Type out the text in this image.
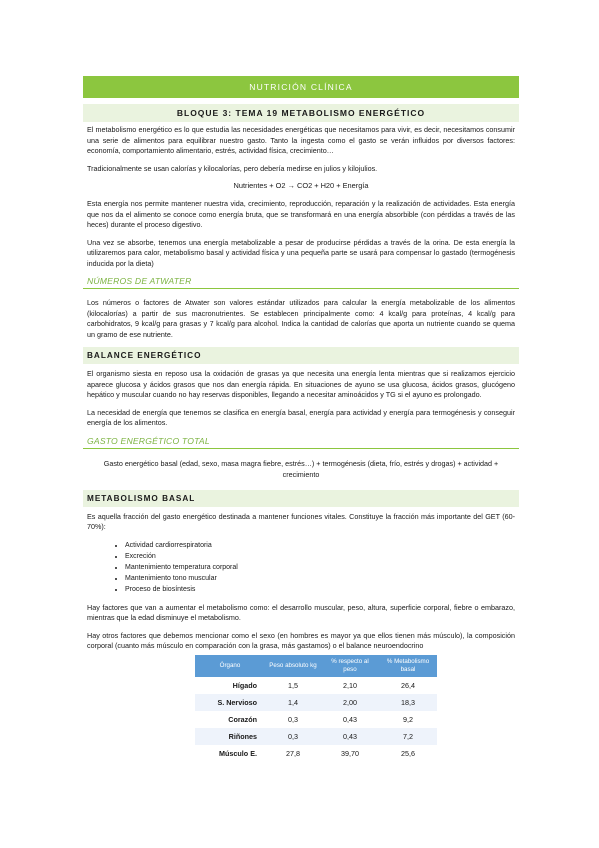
NUTRICIÓN CLÍNICA
BLOQUE 3: TEMA 19 METABOLISMO ENERGÉTICO

El metabolismo energético es lo que estudia las necesidades energéticas que necesitamos para vivir, es decir, necesitamos consumir una serie de alimentos para equilibrar nuestro gasto. Tanto la ingesta como el gasto se verán influidos por diversos factores: economía, comportamiento alimentario, estrés, actividad física, crecimiento…

Tradicionalmente se usan calorías y kilocalorías, pero debería medirse en julios y kilojulios.

Nutrientes + O2 → CO2 + H20 + Energía

Esta energía nos permite mantener nuestra vida, crecimiento, reproducción, reparación y la realización de actividades. Esta energía que nos da el alimento se conoce como energía bruta, que se transformará en una energía absorbible (con pérdidas a través de las heces) durante el proceso digestivo.

Una vez se absorbe, tenemos una energía metabolizable a pesar de producirse pérdidas a través de la orina. De esta energía la utilizaremos para calor, metabolismo basal y actividad física y una pequeña parte se usará para compensar lo gastado (termogénesis inducida por la dieta)

NÚMEROS DE ATWATER

Los números o factores de Atwater son valores estándar utilizados para calcular la energía metabolizable de los alimentos (kilocalorías) a partir de sus macronutrientes. Se establecen principalmente como: 4 kcal/g para proteínas, 4 kcal/g para carbohidratos, 9 kcal/g para grasas y 7 kcal/g para alcohol. Indica la cantidad de calorías que aporta un nutriente cuando se quema un gramo de ese nutriente.

BALANCE ENERGÉTICO

El organismo siesta en reposo usa la oxidación de grasas ya que necesita una energía lenta mientras que si realizamos ejercicio aparece glucosa y ácidos grasos que nos dan energía rápida. En situaciones de ayuno se usa glucosa, ácidos grasos, glucógeno hepático y muscular cuando no hay reservas disponibles, llegando a necesitar aminoácidos y TG si el ayuno es prolongado.

La necesidad de energía que tenemos se clasifica en energía basal, energía para actividad y energía para termogénesis y conseguir energía de los alimentos.

GASTO ENERGÉTICO TOTAL
Gasto energético basal (edad, sexo, masa magra fiebre, estrés…) + termogénesis (dieta, frío, estrés y drogas) + actividad + crecimiento
METABOLISMO BASAL

Es aquella fracción del gasto energético destinada a mantener funciones vitales. Constituye la fracción más importante del GET (60-70%):

• Actividad cardiorrespiratoria
• Excreción
• Mantenimiento temperatura corporal
• Mantenimiento tono muscular
• Proceso de biosíntesis

Hay factores que van a aumentar el metabolismo como: el desarrollo muscular, peso, altura, superficie corporal, fiebre o embarazo, mientras que la edad disminuye el metabolismo.

Hay otros factores que debemos mencionar como el sexo (en hombres es mayor ya que ellos tienen más músculo), la composición corporal (cuanto más músculo en comparación con la grasa, más gastamos) o el balance neuroendocrino

Órgano	Peso absoluto kg	% respecto al peso	% Metabolismo basal
Hígado	1,5	2,10	26,4
S. Nervioso	1,4	2,00	18,3
Corazón	0,3	0,43	9,2
Riñones	0,3	0,43	7,2
Músculo E.	27,8	39,70	25,6
